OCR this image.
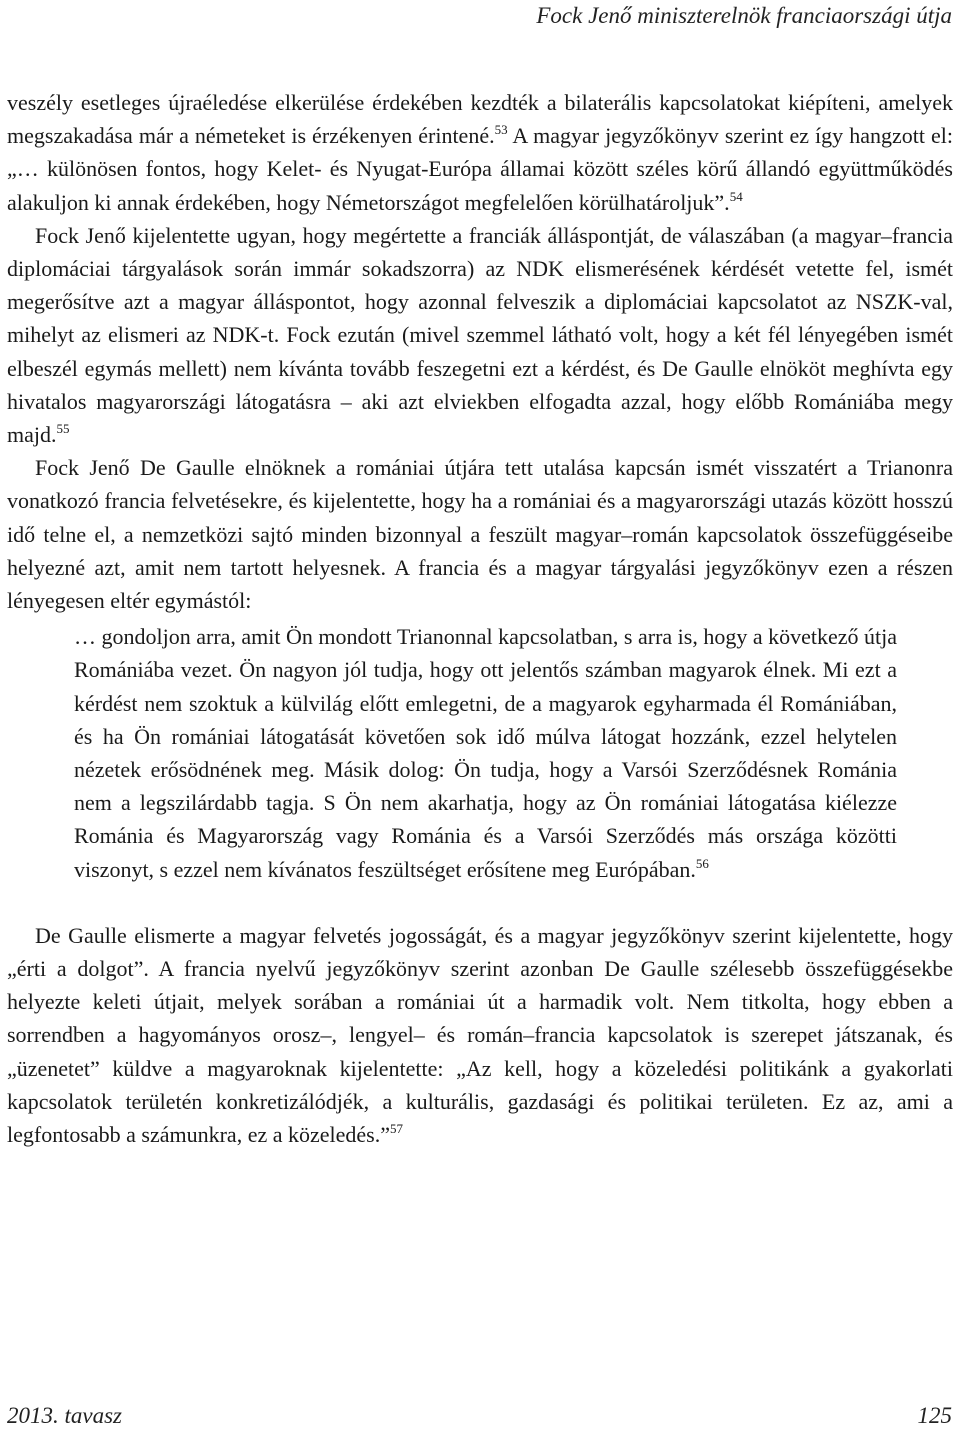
Fock Jenő miniszterelnök franciaországi útja

veszély esetleges újraéledése elkerülése érdekében kezdték a bilaterális kapcsolatokat kiépíteni, amelyek megszakadása már a németeket is érzékenyen érintené.$^{53}$ A magyar jegyzőkönyv szerint ez így hangzott el: „… különösen fontos, hogy Kelet- és Nyugat-Európa államai között széles körű állandó együttműködés alakuljon ki annak érdekében, hogy Németországot megfelelően körülhatároljuk”.$^{54}$

Fock Jenő kijelentette ugyan, hogy megértette a franciák álláspontját, de válaszában (a magyar–francia diplomáciai tárgyalások során immár sokadszorra) az NDK elismerésének kérdését vetette fel, ismét megerősítve azt a magyar álláspontot, hogy azonnal felveszik a diplomáciai kapcsolatot az NSZK-val, mihelyt az elismeri az NDK-t. Fock ezután (mivel szemmel látható volt, hogy a két fél lényegében ismét elbeszél egymás mellett) nem kívánta tovább feszegetni ezt a kérdést, és De Gaulle elnököt meghívta egy hivatalos magyarországi látogatásra – aki azt elviekben elfogadta azzal, hogy előbb Romániába megy majd.$^{55}$

Fock Jenő De Gaulle elnöknek a romániai útjára tett utalása kapcsán ismét visszatért a Trianonra vonatkozó francia felvetésekre, és kijelentette, hogy ha a romániai és a magyarországi utazás között hosszú idő telne el, a nemzetközi sajtó minden bizonnyal a feszült magyar–román kapcsolatok összefüggéseibe helyezné azt, amit nem tartott helyesnek. A francia és a magyar tárgyalási jegyzőkönyv ezen a részen lényegesen eltér egymástól:

… gondoljon arra, amit Ön mondott Trianonnal kapcsolatban, s arra is, hogy a következő útja Romániába vezet. Ön nagyon jól tudja, hogy ott jelentős számban magyarok élnek. Mi ezt a kérdést nem szoktuk a külvilág előtt emlegetni, de a magyarok egyharmada él Romániában, és ha Ön romániai látogatását követően sok idő múlva látogat hozzánk, ezzel helytelen nézetek erősödnének meg. Másik dolog: Ön tudja, hogy a Varsói Szerződésnek Románia nem a legszilárdabb tagja. S Ön nem akarhatja, hogy az Ön romániai látogatása kiélezze Románia és Magyarország vagy Románia és a Varsói Szerződés más országa közötti viszonyt, s ezzel nem kívánatos feszültséget erősítene meg Európában.$^{56}$

De Gaulle elismerte a magyar felvetés jogosságát, és a magyar jegyzőkönyv szerint kijelentette, hogy „érti a dolgot”. A francia nyelvű jegyzőkönyv szerint azonban De Gaulle szélesebb összefüggésekbe helyezte keleti útjait, melyek sorában a romániai út a harmadik volt. Nem titkolta, hogy ebben a sorrendben a hagyományos orosz–, lengyel– és román–francia kapcsolatok is szerepet játszanak, és „üzenetet” küldve a magyaroknak kijelentette: „Az kell, hogy a közeledési politikánk a gyakorlati kapcsolatok területén konkretizálódjék, a kulturális, gazdasági és politikai területen. Ez az, ami a legfontosabb a számunkra, ez a közeledés.”$^{57}$

2013. tavasz	125
